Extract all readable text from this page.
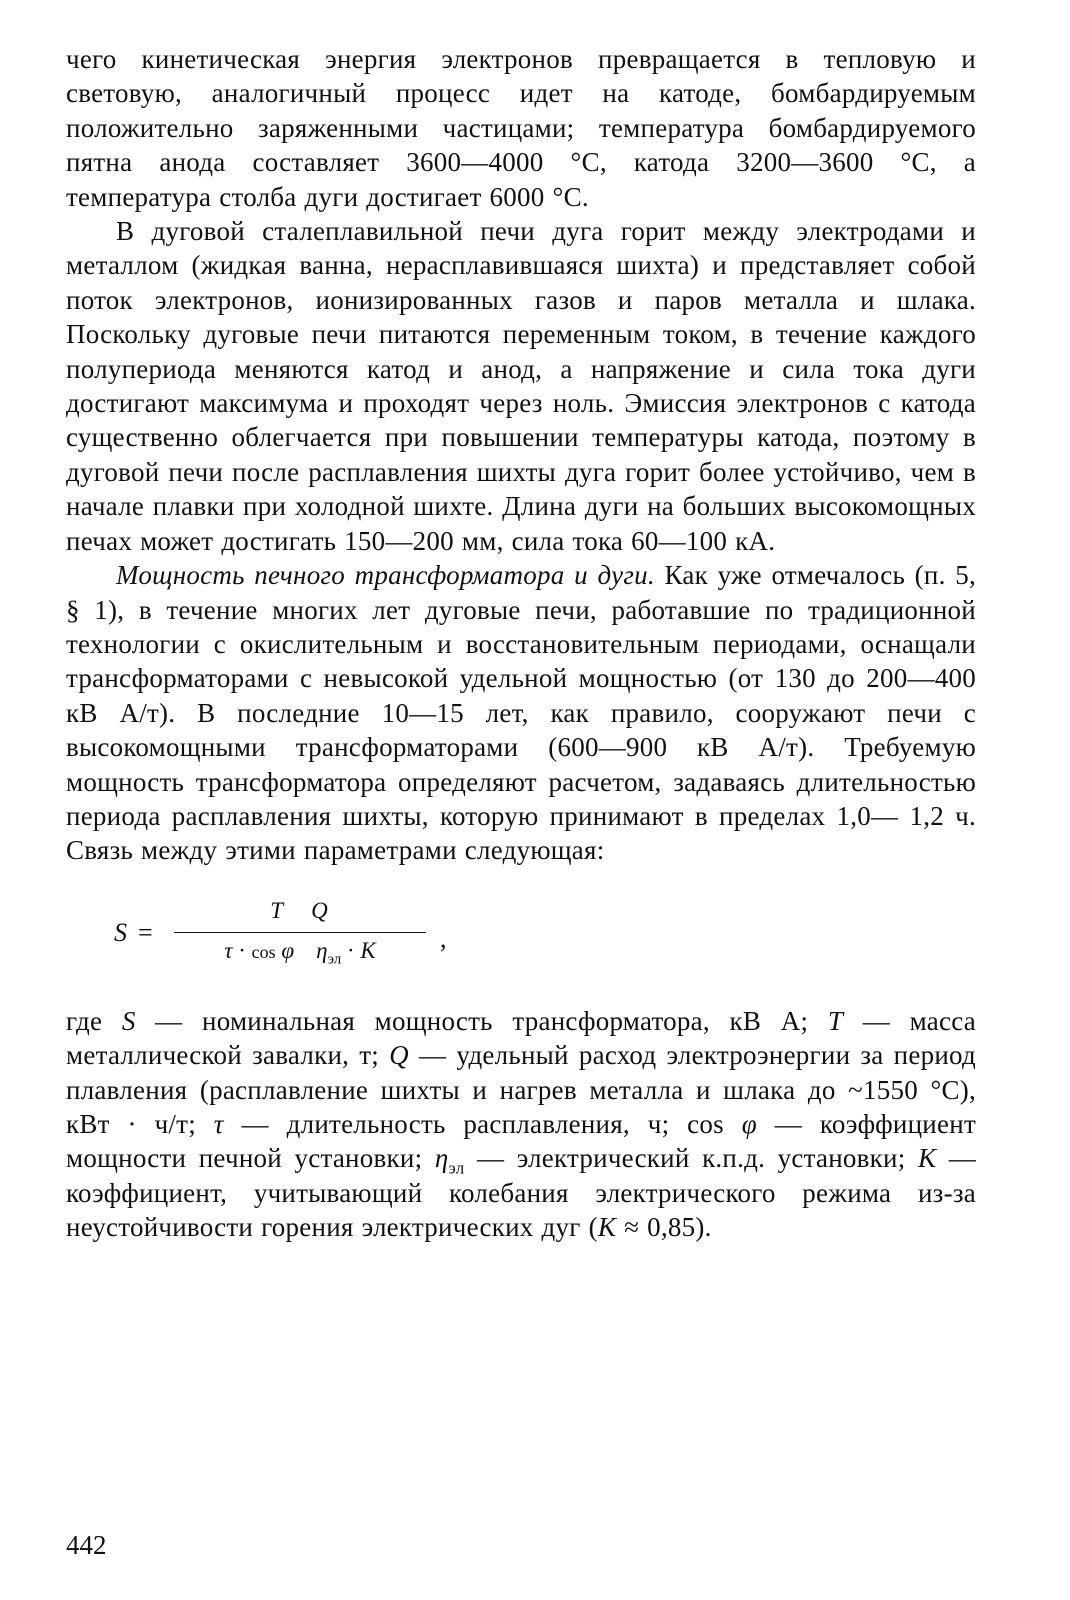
чего кинетическая энергия электронов превращается в тепловую и световую, аналогичный процесс идет на катоде, бомбардируемым положительно заряженными частицами; температура бомбардируемого пятна анода составляет 3600—4000 °С, катода 3200—3600 °С, а температура столба дуги достигает 6000 °С.

В дуговой сталеплавильной печи дуга горит между электродами и металлом (жидкая ванна, нерасплавившаяся шихта) и представляет собой поток электронов, ионизированных газов и паров металла и шлака. Поскольку дуговые печи питаются переменным током, в течение каждого полупериода меняются катод и анод, а напряжение и сила тока дуги достигают максимума и проходят через ноль. Эмиссия электронов с катода существенно облегчается при повышении температуры катода, поэтому в дуговой печи после расплавления шихты дуга горит более устойчиво, чем в начале плавки при холодной шихте. Длина дуги на больших высокомощных печах может достигать 150—200 мм, сила тока 60—100 кА.

Мощность печного трансформатора и дуги. Как уже отмечалось (п. 5, § 1), в течение многих лет дуговые печи, работавшие по традиционной технологии с окислительным и восстановительным периодами, оснащали трансформаторами с невысокой удельной мощностью (от 130 до 200—400 кВ А/т). В последние 10—15 лет, как правило, сооружают печи с высокомощными трансформаторами (600—900 кВ А/т). Требуемую мощность трансформатора определяют расчетом, задаваясь длительностью периода расплавления шихты, которую принимают в пределах 1,0— 1,2 ч. Связь между этими параметрами следующая:

S =
T Q
τ · cos φ $\eta_{эл} \cdot K$	,

где S — номинальная мощность трансформатора, кВ А; T — масса металлической завалки, т; Q — удельный расход электроэнергии за период плавления (расплавление шихты и нагрев металла и шлака до ~1550 °С), кВт · ч/т; τ — длительность расплавления, ч; cos φ — коэффициент мощности печной установки; $\eta_{эл}$ — электрический к.п.д. установки; K — коэффициент, учитывающий колебания электрического режима из-за неустойчивости горения электрических дуг (K ≈ 0,85).

442
